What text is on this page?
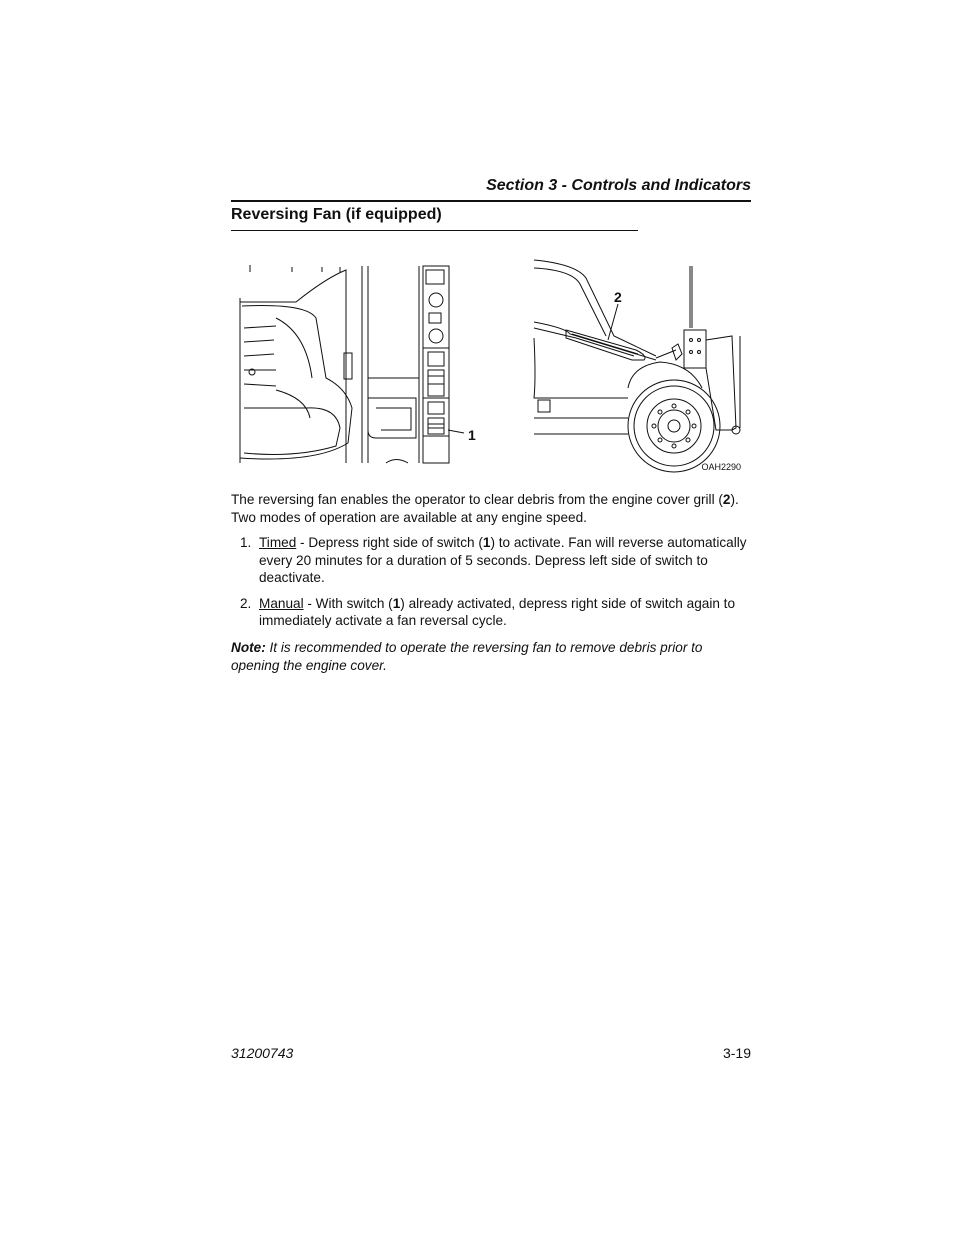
Section 3 - Controls and Indicators
Reversing Fan (if equipped)
1
2
OAH2290
The reversing fan enables the operator to clear debris from the engine cover grill (2). Two modes of operation are available at any engine speed.
1. Timed - Depress right side of switch (1) to activate. Fan will reverse automatically every 20 minutes for a duration of 5 seconds. Depress left side of switch to deactivate.
2. Manual - With switch (1) already activated, depress right side of switch again to immediately activate a fan reversal cycle.
Note: It is recommended to operate the reversing fan to remove debris prior to opening the engine cover.
31200743	3-19
